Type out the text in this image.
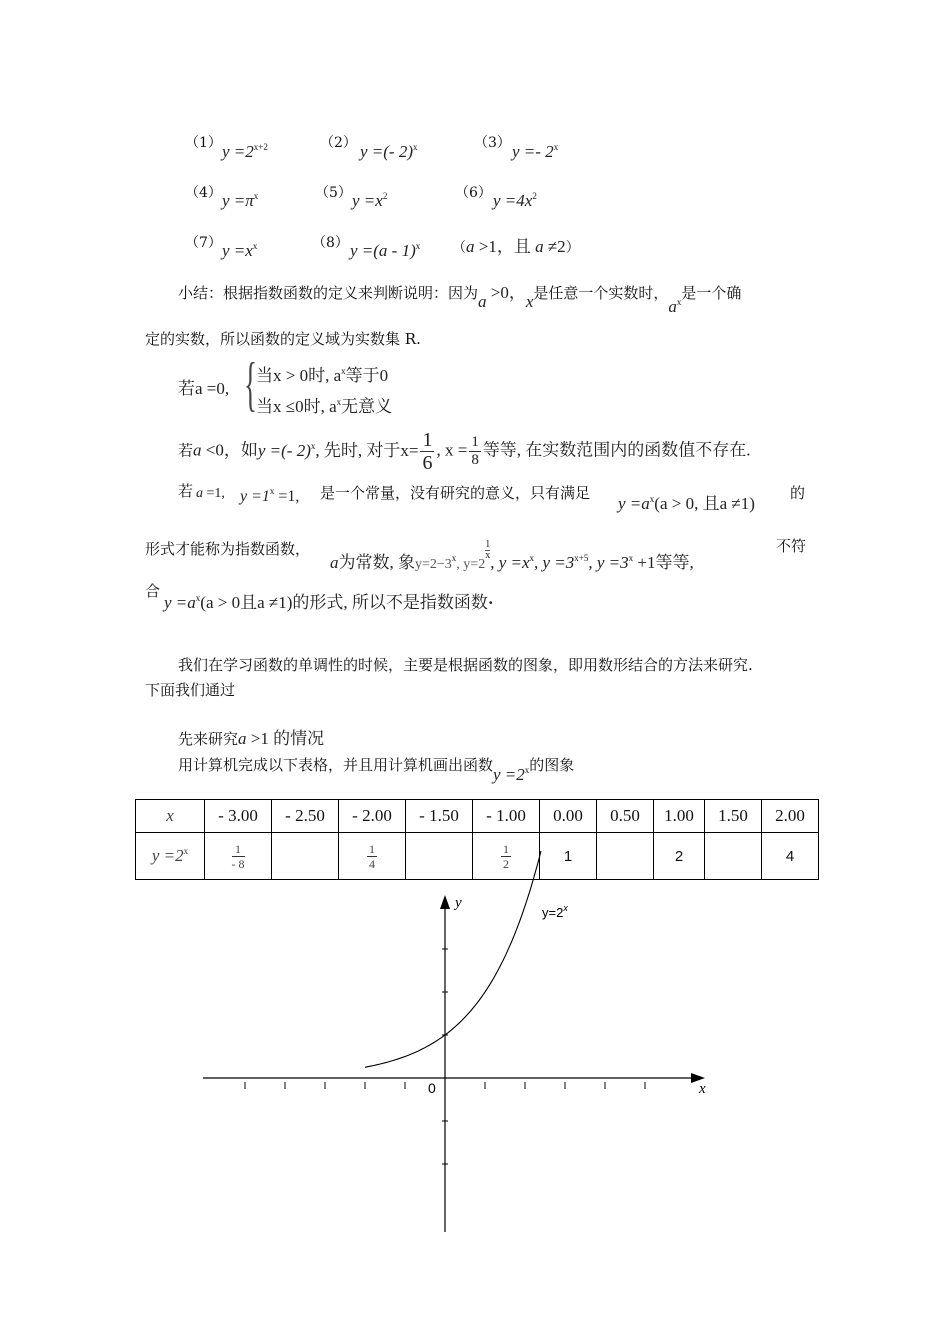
（1） $y =2^{x+2}$	（2） y =(- 2)$^x$	（3） y =- 2$^x$
（4） $y =\pi^x$	（5） $y =x^2$	（6） $y =4x^2$
（7） $y =x^x$	（8） y =(a - 1)$^x$ （a >1，且 a ≠2）
小结：根据指数函数的定义来判断说明：因为a >0，x是任意一个实数时，$a^x$是一个确
定的实数，所以函数的定义域为实数集 R.
若a =0, { 当x > 0时, $a^x$等于0
当x ≤0时, $a^x$无意义
若a <0，如y =(- 2)$^x$, 先时, 对于$x= \frac{1}{6}$ , $x = \frac{1}{8}$ 等等, 在实数范围内的函数值不存在.
若 a =1, $y =1^x =1$, 是一个常量，没有研究的意义，只有满足
$y =a^x(a > 0$, 且a ≠1)
的
形式才能称为指数函数，
a为常数, 象$y=2-3^x$, y=2
$\frac{1}{x}$
, $y =x^x$, $y =3^{x+5}$, $y =3^x +1$等等,
不符
合
$y =a^x(a > 0$且a ≠1)的形式, 所以不是指数函数·
我们在学习函数的单调性的时候，主要是根据函数的图象，即用数形结合的方法来研究.
下面我们通过
先来研究a >1 的情况
用计算机完成以下表格，并且用计算机画出函数$y =2^x$的图象
x	- 3.00	- 2.50	- 2.00	- 1.50	- 1.00	0.00	0.50	1.00	1.50	2.00
$y =2^x$	$\frac{1}{- 8}$		$\frac{1}{4}$		$\frac{1}{2}$	1		2		4
y
x
0
$y=2^x$
